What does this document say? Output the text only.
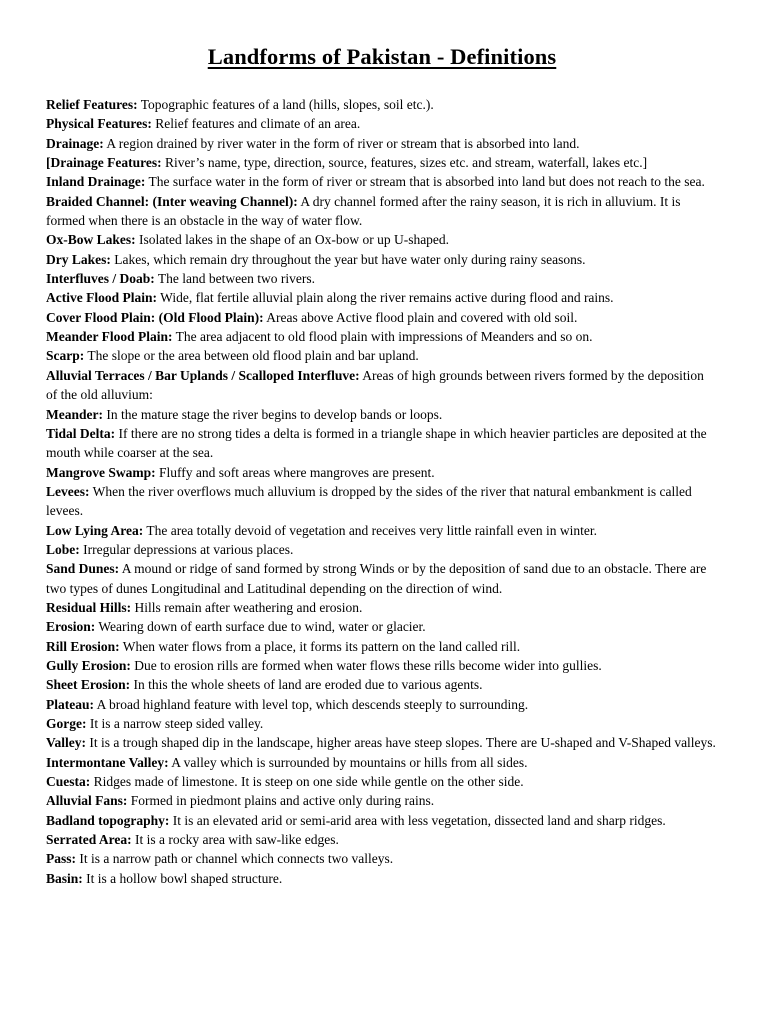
Landforms of Pakistan - Definitions

Relief Features: Topographic features of a land (hills, slopes, soil etc.).

Physical Features: Relief features and climate of an area.

Drainage: A region drained by river water in the form of river or stream that is absorbed into land.

[Drainage Features: River’s name, type, direction, source, features, sizes etc. and stream, waterfall, lakes etc.]

Inland Drainage: The surface water in the form of river or stream that is absorbed into land but does not reach to the sea.

Braided Channel: (Inter weaving Channel): A dry channel formed after the rainy season, it is rich in alluvium. It is formed when there is an obstacle in the way of water flow.

Ox-Bow Lakes: Isolated lakes in the shape of an Ox-bow or up U-shaped.

Dry Lakes: Lakes, which remain dry throughout the year but have water only during rainy seasons.

Interfluves / Doab: The land between two rivers.

Active Flood Plain: Wide, flat fertile alluvial plain along the river remains active during flood and rains.

Cover Flood Plain: (Old Flood Plain): Areas above Active flood plain and covered with old soil.

Meander Flood Plain: The area adjacent to old flood plain with impressions of Meanders and so on.

Scarp: The slope or the area between old flood plain and bar upland.

Alluvial Terraces / Bar Uplands / Scalloped Interfluve: Areas of high grounds between rivers formed by the deposition of the old alluvium:

Meander: In the mature stage the river begins to develop bands or loops.

Tidal Delta: If there are no strong tides a delta is formed in a triangle shape in which heavier particles are deposited at the mouth while coarser at the sea.

Mangrove Swamp: Fluffy and soft areas where mangroves are present.

Levees: When the river overflows much alluvium is dropped by the sides of the river that natural embankment is called levees.

Low Lying Area: The area totally devoid of vegetation and receives very little rainfall even in winter.

Lobe: Irregular depressions at various places.

Sand Dunes: A mound or ridge of sand formed by strong Winds or by the deposition of sand due to an obstacle. There are two types of dunes Longitudinal and Latitudinal depending on the direction of wind.

Residual Hills: Hills remain after weathering and erosion.

Erosion: Wearing down of earth surface due to wind, water or glacier.

Rill Erosion: When water flows from a place, it forms its pattern on the land called rill.

Gully Erosion: Due to erosion rills are formed when water flows these rills become wider into gullies.

Sheet Erosion: In this the whole sheets of land are eroded due to various agents.

Plateau: A broad highland feature with level top, which descends steeply to surrounding.

Gorge: It is a narrow steep sided valley.

Valley: It is a trough shaped dip in the landscape, higher areas have steep slopes. There are U-shaped and V-Shaped valleys.

Intermontane Valley: A valley which is surrounded by mountains or hills from all sides.

Cuesta: Ridges made of limestone. It is steep on one side while gentle on the other side.

Alluvial Fans: Formed in piedmont plains and active only during rains.

Badland topography: It is an elevated arid or semi-arid area with less vegetation, dissected land and sharp ridges.

Serrated Area: It is a rocky area with saw-like edges.

Pass: It is a narrow path or channel which connects two valleys.

Basin: It is a hollow bowl shaped structure.
